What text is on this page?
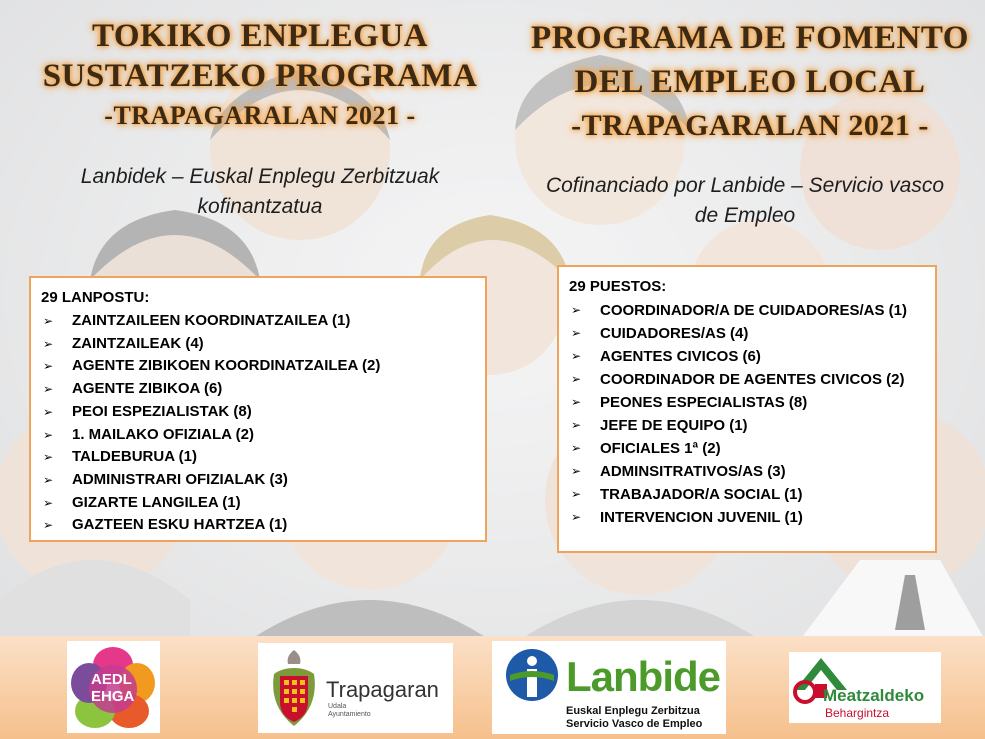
TOKIKO ENPLEGUA
SUSTATZEKO PROGRAMA
-TRAPAGARALAN 2021 -
PROGRAMA DE FOMENTO
DEL EMPLEO LOCAL
-TRAPAGARALAN 2021 -
Lanbidek – Euskal Enplegu Zerbitzuak kofinantzatua
Cofinanciado por Lanbide – Servicio vasco de Empleo
29 LANPOSTU:
➢ ZAINTZAILEEN KOORDINATZAILEA (1)
➢ ZAINTZAILEAK (4)
➢ AGENTE ZIBIKOEN KOORDINATZAILEA (2)
➢ AGENTE ZIBIKOA (6)
➢ PEOI ESPEZIALISTAK (8)
➢ 1. MAILAKO OFIZIALA (2)
➢ TALDEBURUA (1)
➢ ADMINISTRARI OFIZIALAK (3)
➢ GIZARTE LANGILEA (1)
➢ GAZTEEN ESKU HARTZEA (1)
29 PUESTOS:
➢ COORDINADOR/A DE CUIDADORES/AS (1)
➢ CUIDADORES/AS (4)
➢ AGENTES CIVICOS (6)
➢ COORDINADOR DE AGENTES CIVICOS (2)
➢ PEONES ESPECIALISTAS (8)
➢ JEFE DE EQUIPO (1)
➢ OFICIALES 1ª (2)
➢ ADMINSITRATIVOS/AS (3)
➢ TRABAJADOR/A SOCIAL (1)
➢ INTERVENCION JUVENIL (1)
AEDL
EHGA	Trapagaran
Udala
Ayuntamiento
Lanbide
Euskal Enplegu Zerbitzua
Servicio Vasco de Empleo
Meatzaldeko
Behargintza
